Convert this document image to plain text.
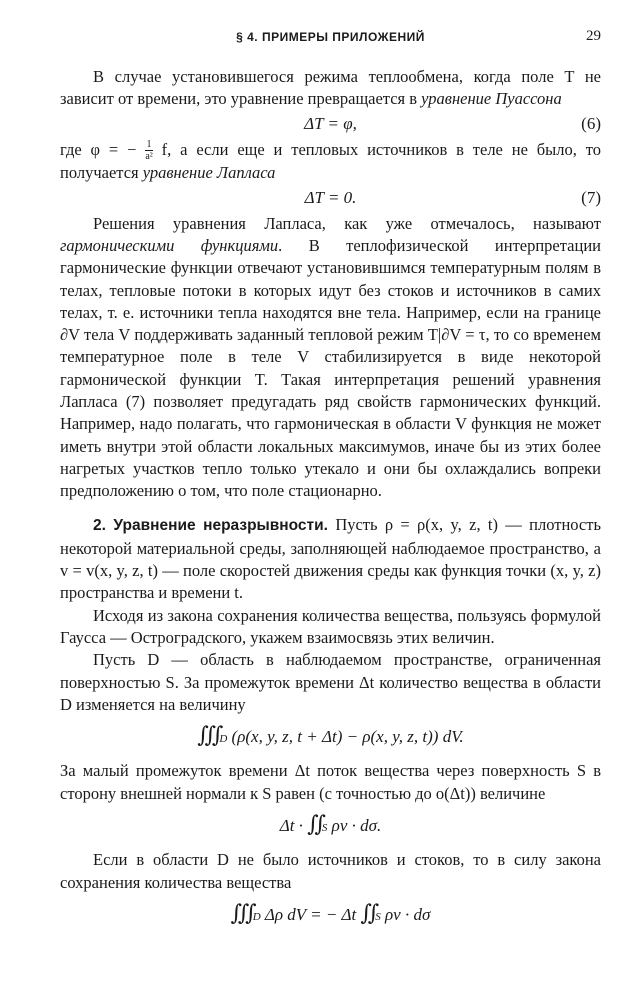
§ 4. ПРИМЕРЫ ПРИЛОЖЕНИЙ	29

В случае установившегося режима теплообмена, когда поле T не зависит от времени, это уравнение превращается в уравнение Пуассона

ΔT = φ,	(6)

где φ = − $\frac{1}{\text{a²}} f$, а если еще и тепловых источников в теле не было, то получается уравнение Лапласа

ΔT = 0.	(7)

Решения уравнения Лапласа, как уже отмечалось, называют гармоническими функциями. В теплофизической интерпретации гармонические функции отвечают установившимся температурным полям в телах, тепловые потоки в которых идут без стоков и источников в самих телах, т. е. источники тепла находятся вне тела. Например, если на границе ∂V тела V поддерживать заданный тепловой режим T|∂V = τ, то со временем температурное поле в теле V стабилизируется в виде некоторой гармонической функции T. Такая интерпретация решений уравнения Лапласа (7) позволяет предугадать ряд свойств гармонических функций. Например, надо полагать, что гармоническая в области V функция не может иметь внутри этой области локальных максимумов, иначе бы из этих более нагретых участков тепло только утекало и они бы охлаждались вопреки предположению о том, что поле стационарно.

2. Уравнение неразрывности. Пусть ρ = ρ(x, y, z, t) — плотность некоторой материальной среды, заполняющей наблюдаемое пространство, а v = v(x, y, z, t) — поле скоростей движения среды как функция точки (x, y, z) пространства и времени t.

Исходя из закона сохранения количества вещества, пользуясь формулой Гаусса — Остроградского, укажем взаимосвязь этих величин.

Пусть D — область в наблюдаемом пространстве, ограниченная поверхностью S. За промежуток времени Δt количество вещества в области D изменяется на величину

∭D (ρ(x, y, z, t + Δt) − ρ(x, y, z, t)) dV.

За малый промежуток времени Δt поток вещества через поверхность S в сторону внешней нормали к S равен (с точностью до o(Δt)) величине

Δt · ∬S ρv · dσ.

Если в области D не было источников и стоков, то в силу закона сохранения количества вещества

∭D Δρ dV = − Δt ∬S ρv · dσ
